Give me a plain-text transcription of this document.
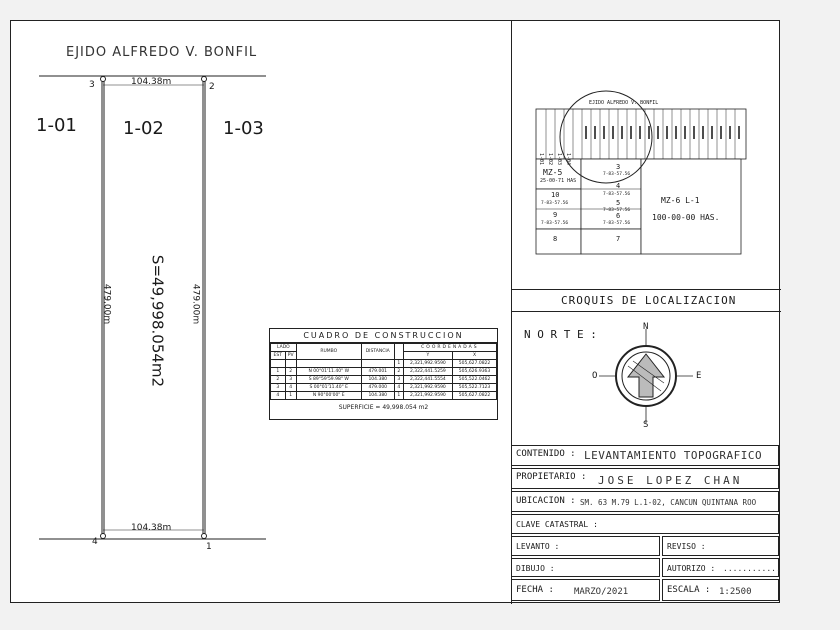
EJIDO ALFREDO V. BONFIL
104.38m
104.38m
3	2
4	1
1-01	1-02	1-03
479.00m	479.00m
S=49,998.054m2	CUADRO DE CONSTRUCCION
LADO		RUMBO	DISTANCIA		COORDENADAS	
EST	PV				Y	X
				1	2,321,992.9590	505,627.0822
1	2	N 00°01'11.40" W	479.001	2	2,322,441.5259	505,626.9363
2	3	S 89°59'59.98" W	104.380	3	2,322,441.5554	505,522.0462
3	4	S 00°01'11.40" E	479.000	4	2,321,992.9590	505,522.7123
4	1	N 90°00'00" E	104.380	1	2,321,992.9590	505,627.0822
SUPERFICIE = 49,998.054 m2
EJIDO ALFREDO V. BONFIL
1-01 1-02 1-03 1-04
MZ-5
25-00-71 HAS
3
7-83-57.56
4
7-83-57.56
10
7-83-57.56	5
7-83-57.56
9
7-83-57.56
6
7-83-57.56
8	7
MZ-6 L-1
100-00-00 HAS.
CROQUIS DE LOCALIZACION
N O R T E :
N
S
E
O
CONTENIDO : LEVANTAMIENTO TOPOGRAFICO
PROPIETARIO : JOSE LOPEZ CHAN
UBICACION : SM. 63 M.79 L.1-02, CANCUN QUINTANA ROO
CLAVE CATASTRAL :
LEVANTO :	REVISO :
DIBUJO :	AUTORIZO : ............
FECHA : MARZO/2021	ESCALA : 1:2500
